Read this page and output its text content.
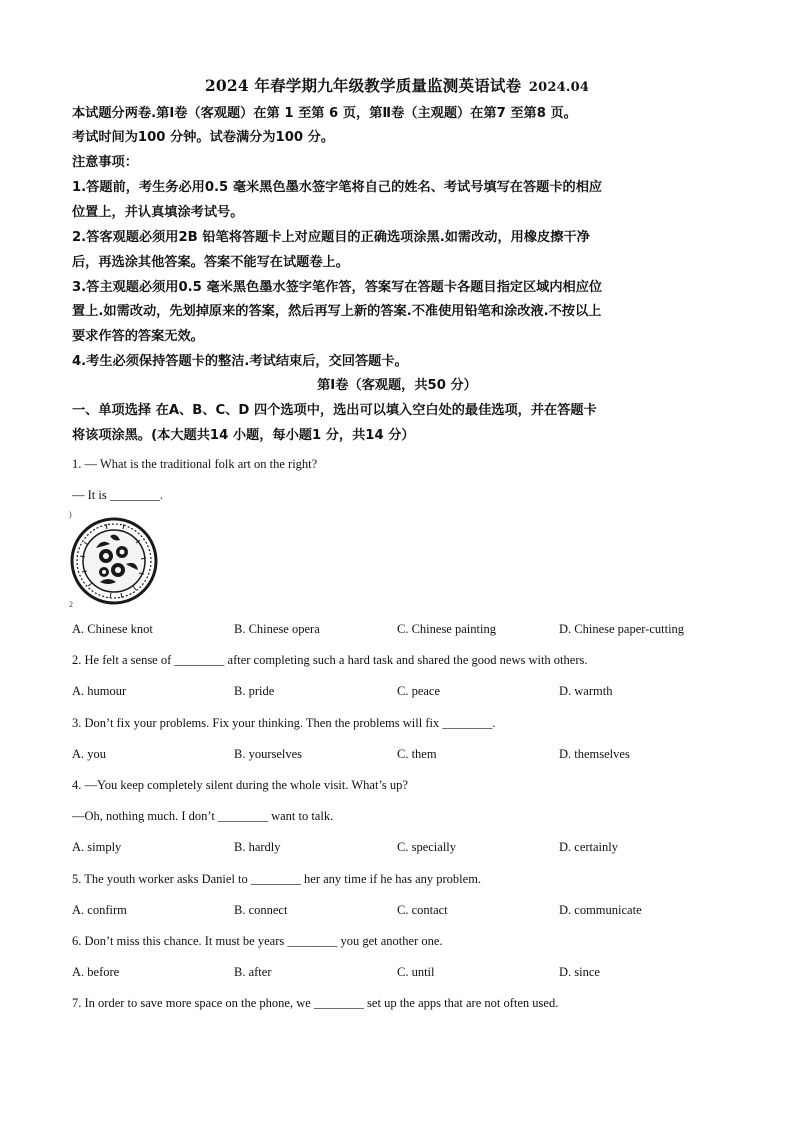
2024 年春学期九年级教学质量监测英语试卷 2024.04
本试题分两卷.第Ⅰ卷（客观题）在第 1 至第 6 页，第Ⅱ卷（主观题）在第7 至第8 页。
考试时间为100 分钟。试卷满分为100 分。
注意事项：
1.答题前，考生务必用0.5 毫米黑色墨水签字笔将自己的姓名、考试号填写在答题卡的相应
位置上，并认真填涂考试号。
2.答客观题必须用2B 铅笔将答题卡上对应题目的正确选项涂黑.如需改动，用橡皮擦干净
后，再选涂其他答案。答案不能写在试题卷上。
3.答主观题必须用0.5 毫米黑色墨水签字笔作答，答案写在答题卡各题目指定区域内相应位
置上.如需改动，先划掉原来的答案，然后再写上新的答案.不准使用铅笔和涂改液.不按以上
要求作答的答案无效。
4.考生必须保持答题卡的整洁.考试结束后，交回答题卡。
第Ⅰ卷（客观题，共50 分）
一、单项选择 在A、B、C、D 四个选项中，选出可以填入空白处的最佳选项，并在答题卡
将该项涂黑。(本大题共14 小题，每小题1 分，共14 分）
1. — What is the traditional folk art on the right?
— It is ________.
)
2
A. Chinese knot	B. Chinese opera	C. Chinese painting	D. Chinese paper-cutting
2. He felt a sense of ________ after completing such a hard task and shared the good news with others.
A. humour	B. pride	C. peace	D. warmth
3. Don’t fix your problems. Fix your thinking. Then the problems will fix ________.
A. you	B. yourselves	C. them	D. themselves
4. —You keep completely silent during the whole visit. What’s up?
—Oh, nothing much. I don’t ________ want to talk.
A. simply	B. hardly	C. specially	D. certainly
5. The youth worker asks Daniel to ________ her any time if he has any problem.
A. confirm	B. connect	C. contact	D. communicate
6. Don’t miss this chance. It must be years ________ you get another one.
A. before	B. after	C. until	D. since
7. In order to save more space on the phone, we ________ set up the apps that are not often used.
